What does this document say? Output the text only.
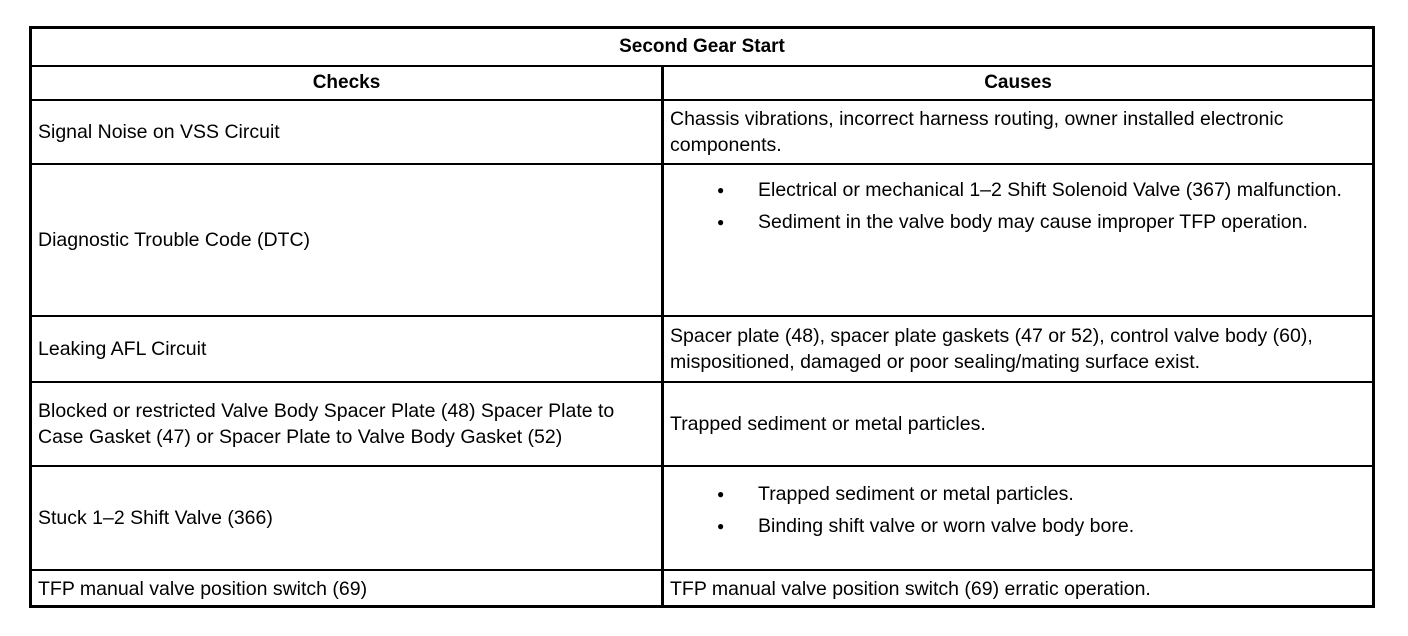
Second Gear Start
Checks	Causes
Signal Noise on VSS Circuit
Chassis vibrations, incorrect harness routing, owner installed electronic components.
Diagnostic Trouble Code (DTC)
● Electrical or mechanical 1–2 Shift Solenoid Valve (367) malfunction.
● Sediment in the valve body may cause improper TFP operation.
Leaking AFL Circuit
Spacer plate (48), spacer plate gaskets (47 or 52), control valve body (60), mispositioned, damaged or poor sealing/mating surface exist.
Blocked or restricted Valve Body Spacer Plate (48) Spacer Plate to Case Gasket (47) or Spacer Plate to Valve Body Gasket (52)
Trapped sediment or metal particles.
Stuck 1–2 Shift Valve (366)
● Trapped sediment or metal particles.
● Binding shift valve or worn valve body bore.
TFP manual valve position switch (69)	TFP manual valve position switch (69) erratic operation.
